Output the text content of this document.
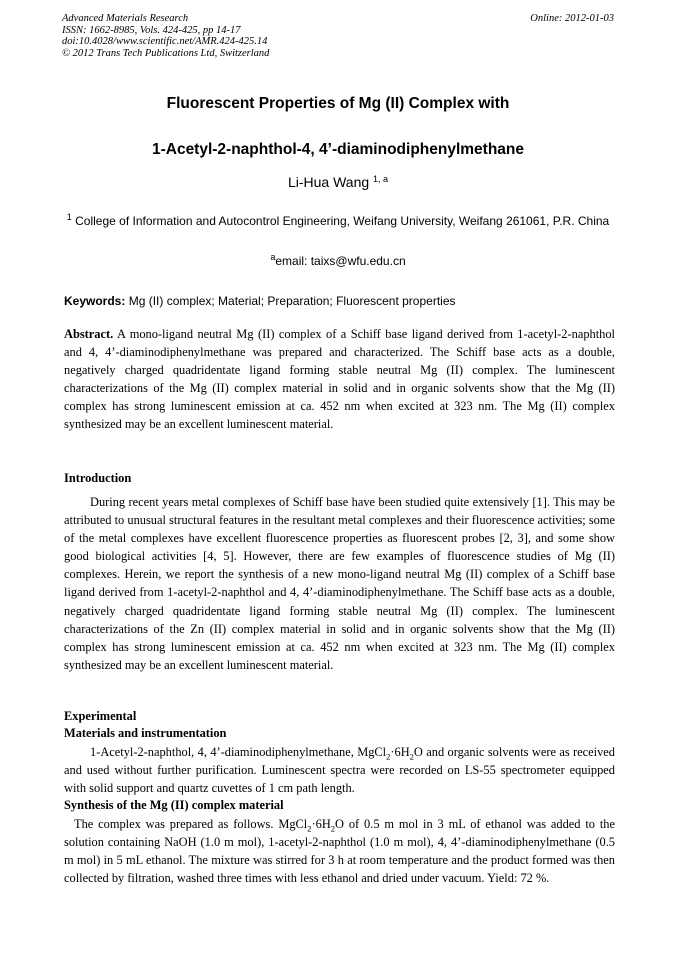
Advanced Materials Research
ISSN: 1662-8985, Vols. 424-425, pp 14-17
doi:10.4028/www.scientific.net/AMR.424-425.14
© 2012 Trans Tech Publications Ltd, Switzerland
Online: 2012-01-03
Fluorescent Properties of Mg (II) Complex with
1-Acetyl-2-naphthol-4, 4’-diaminodiphenylmethane
Li-Hua Wang $^{1, a}$
$^1$ College of Information and Autocontrol Engineering, Weifang University, Weifang 261061, P.R. China
$^a$email: taixs@wfu.edu.cn
Keywords: Mg (II) complex; Material; Preparation; Fluorescent properties
Abstract. A mono-ligand neutral Mg (II) complex of a Schiff base ligand derived from 1-acetyl-2-naphthol and 4, 4’-diaminodiphenylmethane was prepared and characterized. The Schiff base acts as a double, negatively charged quadridentate ligand forming stable neutral Mg (II) complex. The luminescent characterizations of the Mg (II) complex material in solid and in organic solvents show that the Mg (II) complex has strong luminescent emission at ca. 452 nm when excited at 323 nm. The Mg (II) complex synthesized may be an excellent luminescent material.
Introduction
During recent years metal complexes of Schiff base have been studied quite extensively [1]. This may be attributed to unusual structural features in the resultant metal complexes and their fluorescence activities; some of the metal complexes have excellent fluorescence properties as fluorescent probes [2, 3], and some show good biological activities [4, 5]. However, there are few examples of fluorescence studies of Mg (II) complexes. Herein, we report the synthesis of a new mono-ligand neutral Mg (II) complex of a Schiff base ligand derived from 1-acetyl-2-naphthol and 4, 4’-diaminodiphenylmethane. The Schiff base acts as a double, negatively charged quadridentate ligand forming stable neutral Mg (II) complex. The luminescent characterizations of the Zn (II) complex material in solid and in organic solvents show that the Mg (II) complex has strong luminescent emission at ca. 452 nm when excited at 323 nm. The Mg (II) complex synthesized may be an excellent luminescent material.
Experimental
Materials and instrumentation
1-Acetyl-2-naphthol, 4, 4’-diaminodiphenylmethane, $MgCl_2\cdot 6H_2O$ and organic solvents were as received and used without further purification. Luminescent spectra were recorded on LS-55 spectrometer equipped with solid support and quartz cuvettes of 1 cm path length.
Synthesis of the Mg (II) complex material
The complex was prepared as follows. $MgCl_2\cdot 6H_2O$ of 0.5 m mol in 3 mL of ethanol was added to the solution containing NaOH (1.0 m mol), 1-acetyl-2-naphthol (1.0 m mol), 4, 4’-diaminodiphenylmethane (0.5 m mol) in 5 mL ethanol. The mixture was stirred for 3 h at room temperature and the product formed was then collected by filtration, washed three times with less ethanol and dried under vacuum. Yield: 72 %.
